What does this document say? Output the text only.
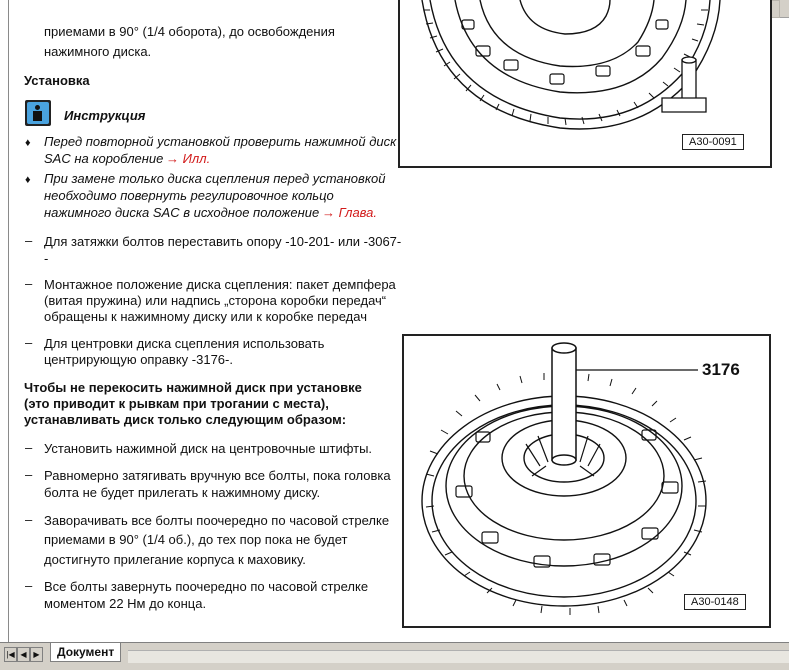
приемами в 90° (1/4 оборота), до освобождения
нажимного диска.
Установка
Инструкция
♦ Перед повторной установкой проверить нажимной диск
SAC на коробление → Илл.
♦ При замене только диска сцепления перед установкой
необходимо повернуть регулировочное кольцо
нажимного диска SAC в исходное положение → Глава.
– Для затяжки болтов переставить опору -10-201- или -3067-
-
– Монтажное положение диска сцепления: пакет демпфера
(витая пружина) или надпись „сторона коробки передач“
обращены к нажимному диску или к коробке передач
– Для центровки диска сцепления использовать
центрирующую оправку -3176-.
Чтобы не перекосить нажимной диск при установке
(это приводит к рывкам при трогании с места),
устанавливать диск только следующим образом:
– Установить нажимной диск на центровочные штифты.
– Равномерно затягивать вручную все болты, пока головка
болта не будет прилегать к нажимному диску.
– Заворачивать все болты поочередно по часовой стрелке
приемами в 90° (1/4 об.), до тех пор пока не будет
достигнуто прилегание корпуса к маховику.
– Все болты завернуть поочередно по часовой стрелке
моментом 22 Нм до конца.
A30-0091
3176
A30-0148
|◀ ◀ ▶	Документ
